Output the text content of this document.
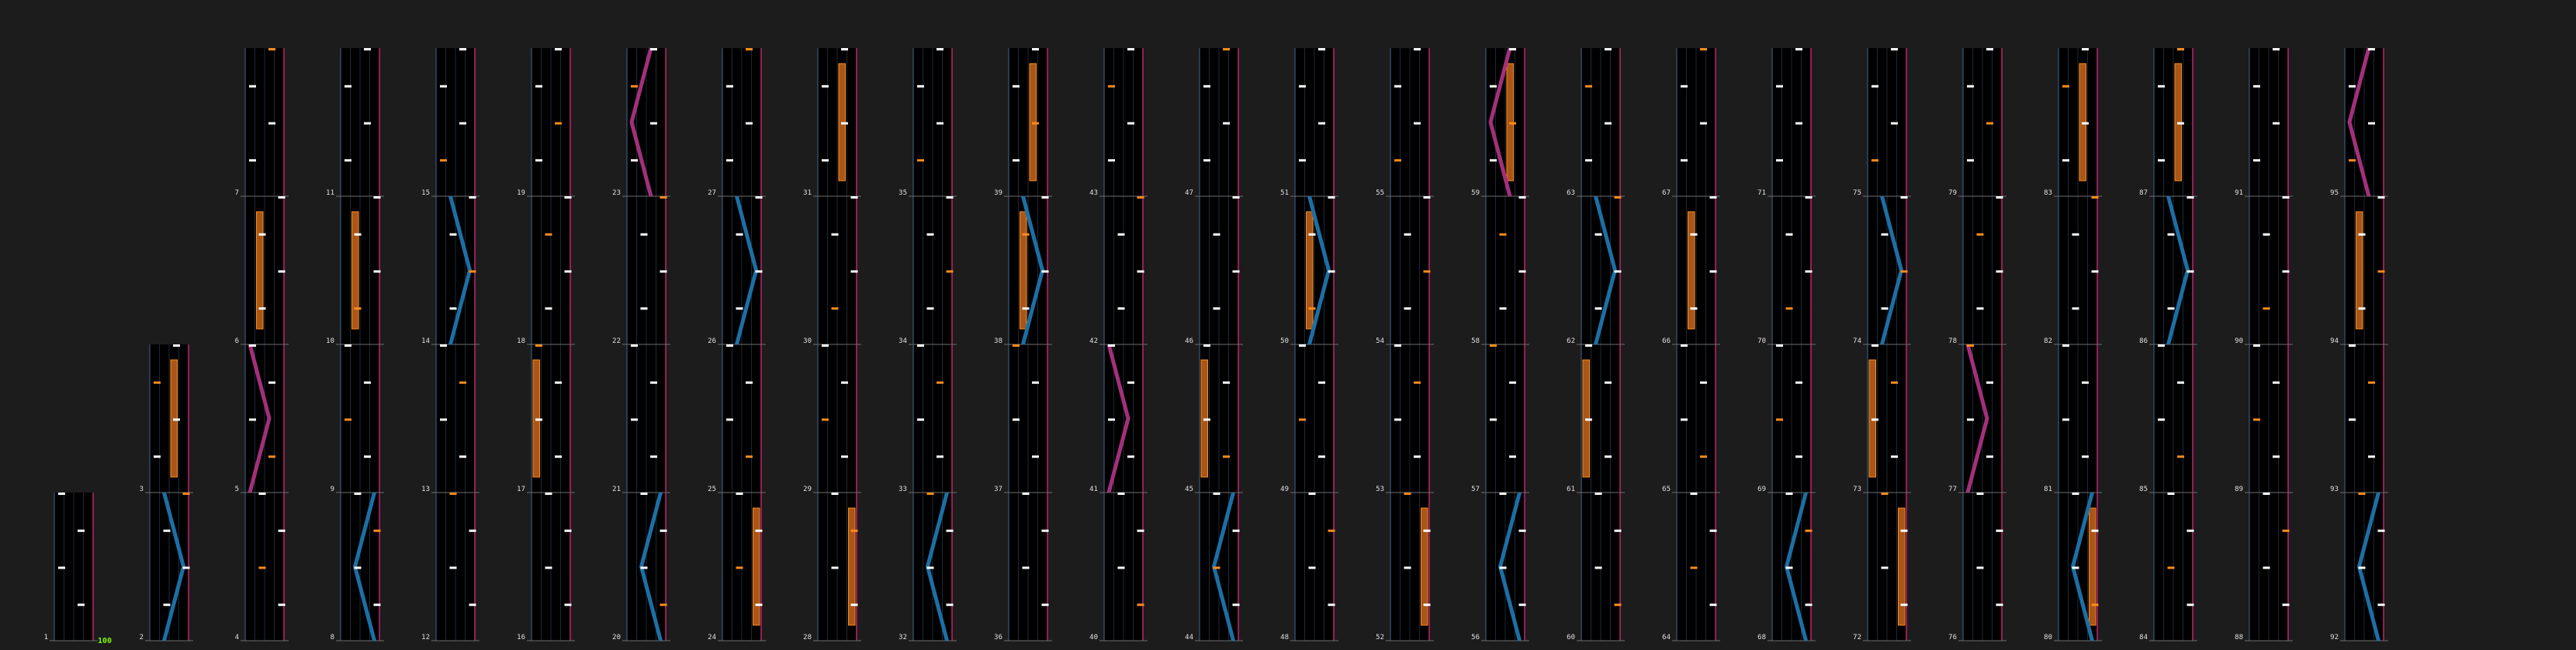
1	2
3
4
5
6
7
8
9
10
11
12
13
14
15
16
17
18
19
20
21
22
23
24
25
26
27
28
29
30
31
32
33
34
35
36
37
38
39
40
41
42
43
44
45
46
47
48
49
50
51
52
53
54
55
56
57
58
59
60
61
62
63
64
65
66
67
68
69
70
71
72
73
74
75
76
77
78
79
80
81
82
83
84
85
86
87
88
89
90
91
92
93
94
95
100
